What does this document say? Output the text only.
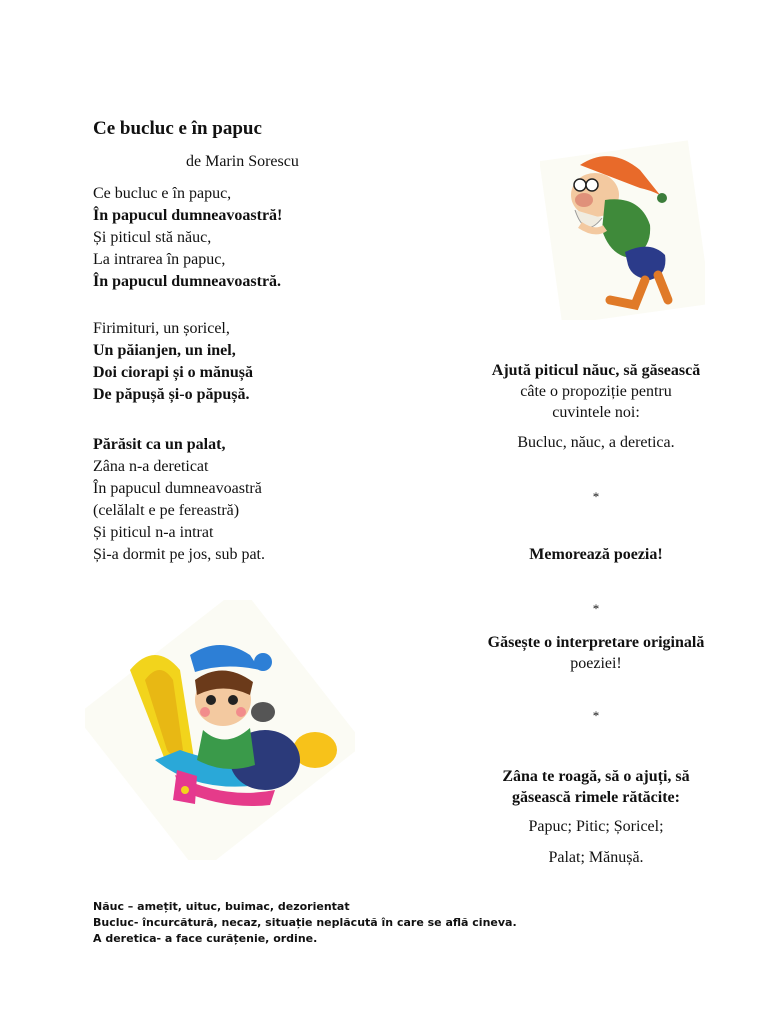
Ce bucluc e în papuc
de Marin Sorescu
Ce bucluc e în papuc,
În papucul dumneavoastră!
Și piticul stă năuc,
La intrarea în papuc,
În papucul dumneavoastră.
Firimituri, un șoricel,
Un păianjen, un inel,
Doi ciorapi și o mănușă
De păpușă și-o păpușă.
Părăsit ca un palat,
Zâna n-a dereticat
În papucul dumneavoastră
(celălalt e pe fereastră)
Și piticul n-a intrat
Și-a dormit pe jos, sub pat.
Ajută piticul năuc, să găsească
câte o propoziție pentru
cuvintele noi:
Bucluc, năuc, a deretica.
*
Memorează poezia!
*
Găsește o interpretare originală
poeziei!
*
Zâna te roagă, să o ajuți, să
găsească rimele rătăcite:
Papuc; Pitic; Șoricel;
Palat; Mănușă.
Năuc – amețit, uituc, buimac, dezorientat
Bucluc- încurcătură, necaz, situație neplăcută în care se află cineva.
A deretica- a face curățenie, ordine.
